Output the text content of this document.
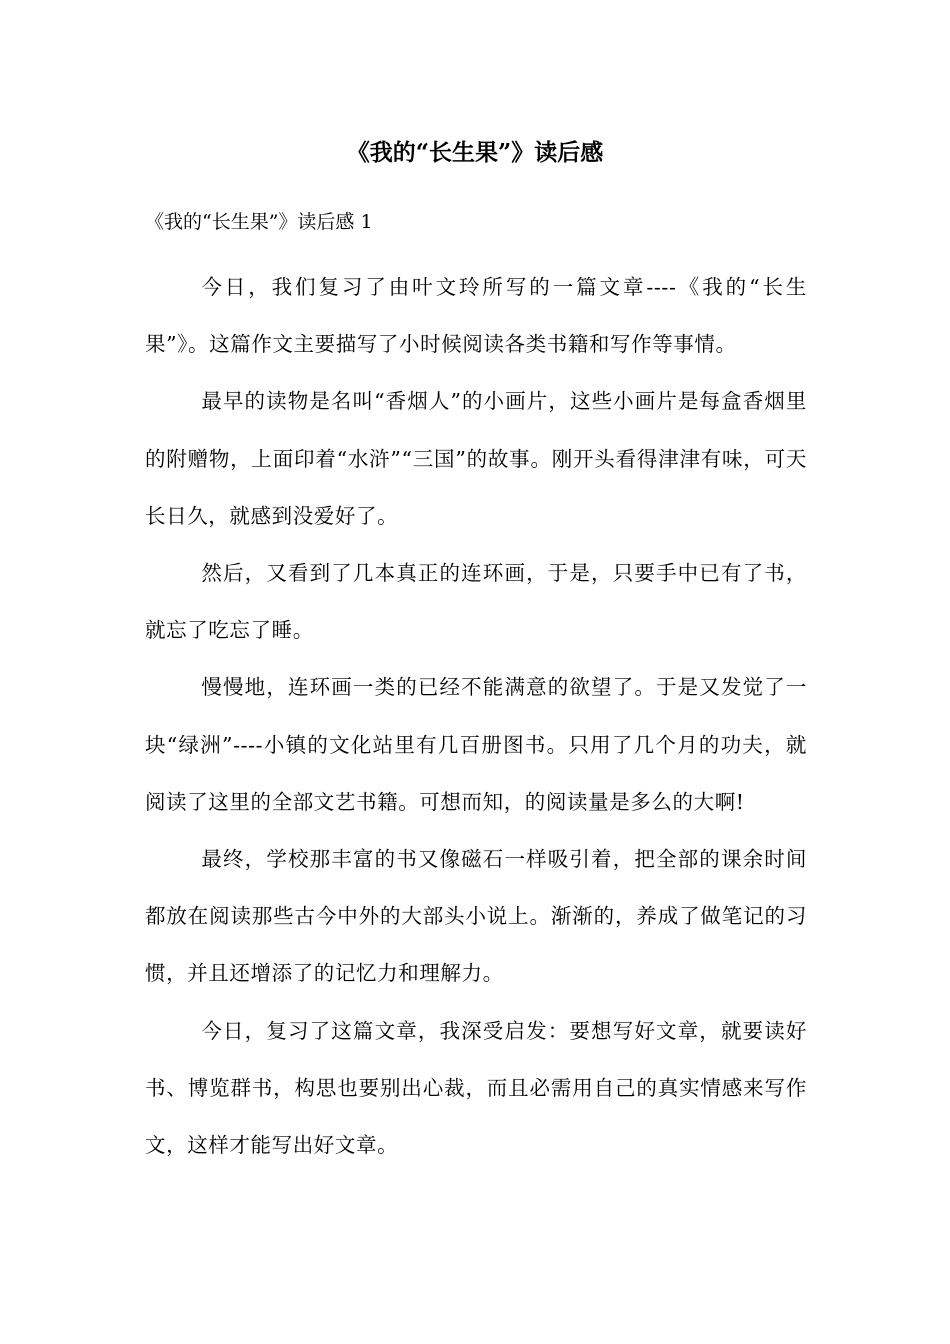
《我的“长生果”》读后感

《我的“长生果”》读后感 1

今日，我们复习了由叶文玲所写的一篇文章----《我的“长生果”》。这篇作文主要描写了小时候阅读各类书籍和写作等事情。

最早的读物是名叫“香烟人”的小画片，这些小画片是每盒香烟里的附赠物，上面印着“水浒”“三国”的故事。刚开头看得津津有味，可天长日久，就感到没爱好了。

然后，又看到了几本真正的连环画，于是，只要手中已有了书，就忘了吃忘了睡。

慢慢地，连环画一类的已经不能满意的欲望了。于是又发觉了一块“绿洲”----小镇的文化站里有几百册图书。只用了几个月的功夫，就阅读了这里的全部文艺书籍。可想而知，的阅读量是多么的大啊!

最终，学校那丰富的书又像磁石一样吸引着，把全部的课余时间都放在阅读那些古今中外的大部头小说上。渐渐的，养成了做笔记的习惯，并且还增添了的记忆力和理解力。

今日，复习了这篇文章，我深受启发：要想写好文章，就要读好书、博览群书，构思也要别出心裁，而且必需用自己的真实情感来写作文，这样才能写出好文章。
